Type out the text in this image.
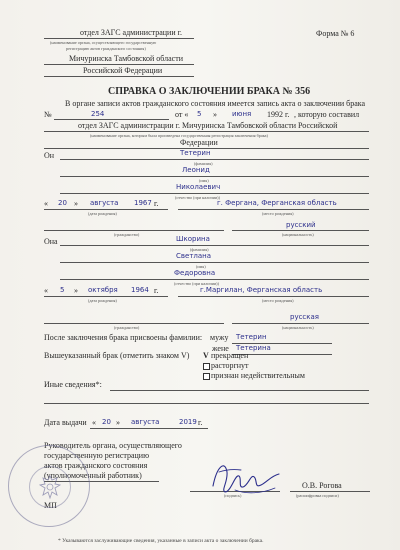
отдел ЗАГС администрации г.
(наименование органа, осуществляющего государственную
регистрацию актов гражданского состояния)
Мичуринска Тамбовской области
Российской Федерации
Форма № 6
СПРАВКА О ЗАКЛЮЧЕНИИ БРАКА № 356
В органе записи актов гражданского состояния имеется запись акта о заключении брака
№	254	от « 5 » июня 1992 г. , которую составил
отдел ЗАГС администрации г. Мичуринска Тамбовской области Российской
(наименование органа, которым была произведена государственная регистрация заключения брака)
Федерации
Он	Тетерин
(фамилия)
Леонид
(имя)
Николаевич
(отчество (при наличии))
« 20 » августа 1967 г.
(дата рождения)
г. Фергана, Ферганская область
(место рождения)
(гражданство)
русский
(национальность)
Она	Шкорина
(фамилия)
Светлана
(имя)
Федоровна
(отчество (при наличии))
« 5 » октября 1964 г.
(дата рождения)
г.Маргилан, Ферганская область
(место рождения)
(гражданство)
русская
(национальность)
После заключения брака присвоены фамилии: мужу Тетерин
жене Тетерина
Вышеуказанный брак (отметить знаком V) V прекращен
расторгнут
признан недействительным
Иные сведения*:
Дата выдачи « 20 » августа	2019 г.
Руководитель органа, осуществляющего
государственную регистрацию
актов гражданского состояния
(уполномоченный работник)
(подпись)
О.В. Рогова
(расшифровка подписи)
МП
* Указываются заслуживающие сведения, указанные в записи акта о заключении брака.
